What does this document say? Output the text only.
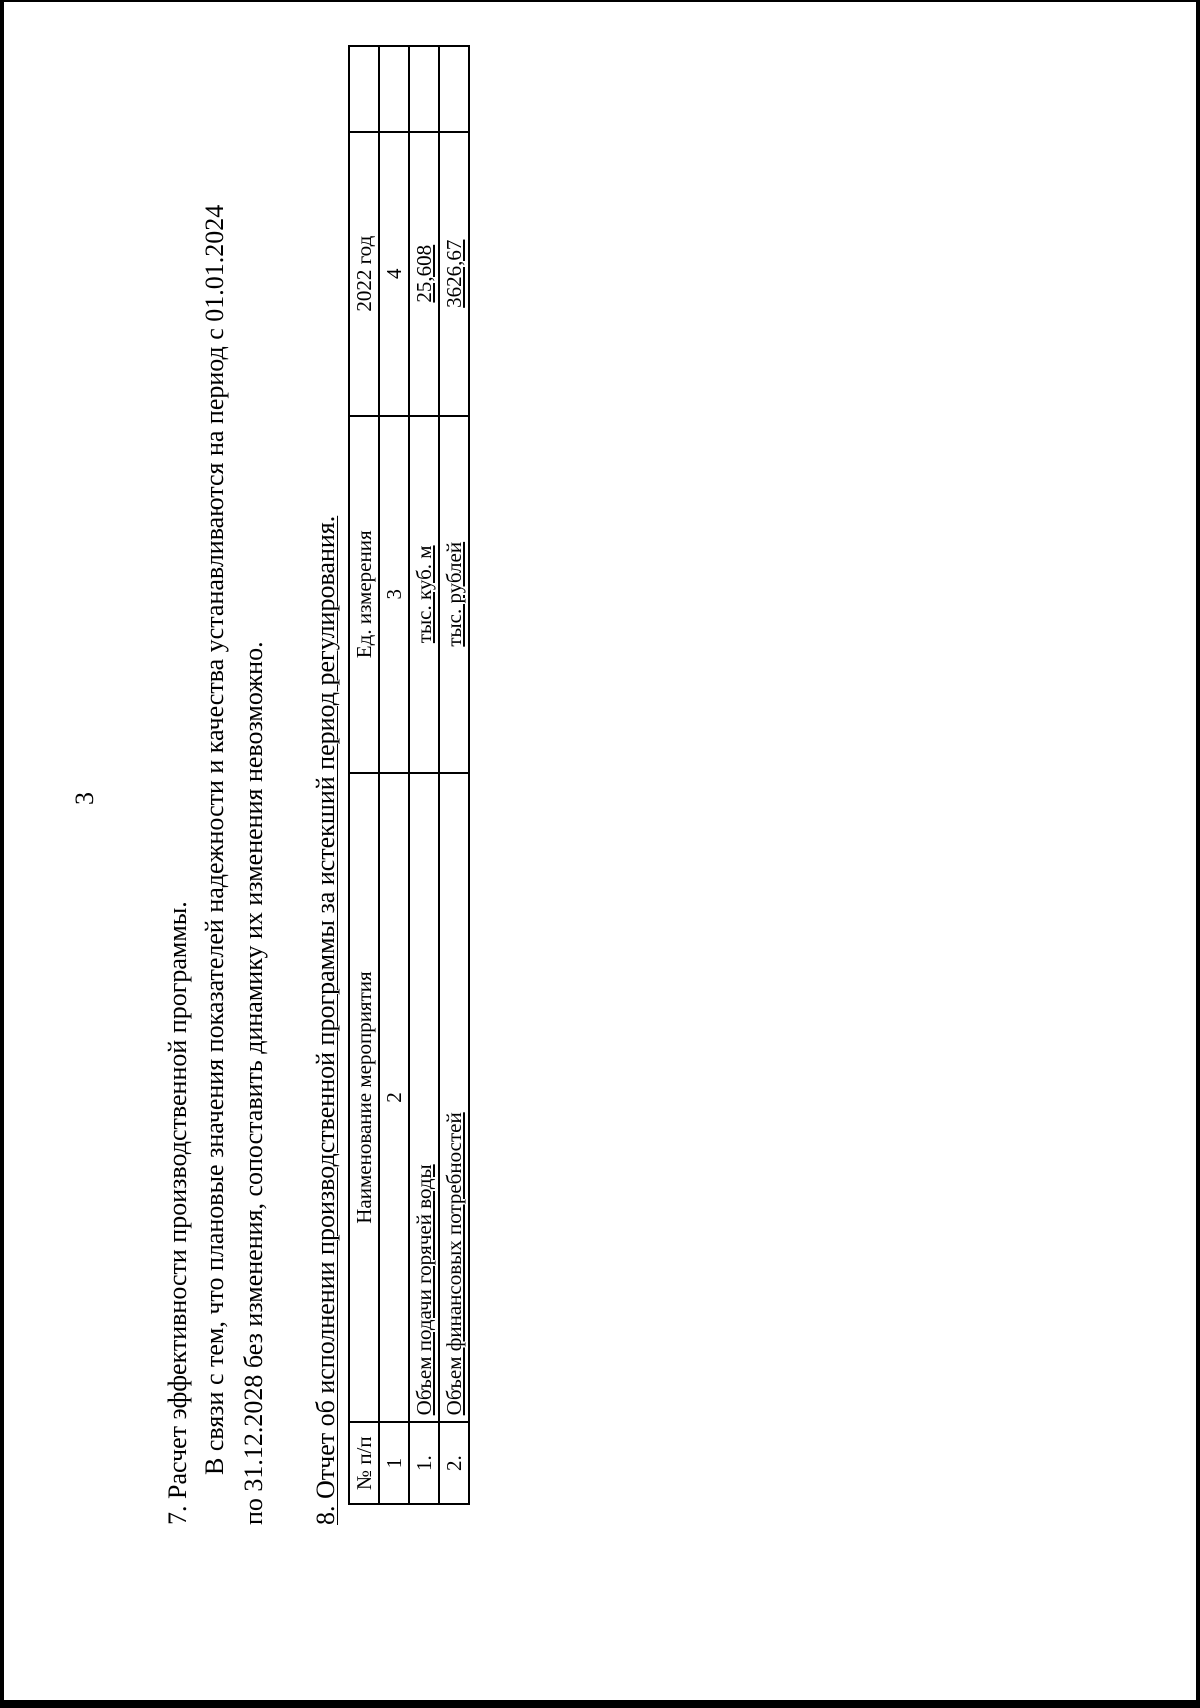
3
7. Расчет эффективности производственной программы. В связи с тем, что плановые значения показателей надежности и качества устанавливаются на период с 01.01.2024 по 31.12.2028 без изменения, сопоставить динамику их изменения невозможно. 8. Отчет об исполнении производственной программы за истекший период регулирования. № п/п	Наименование мероприятия	Ед. измерения	2022 год	
1	2	3	4	
1.	Объем подачи горячей воды	тыс. куб. м	25,608	
2.	Объем финансовых потребностей	тыс. рублей	3626,67	
